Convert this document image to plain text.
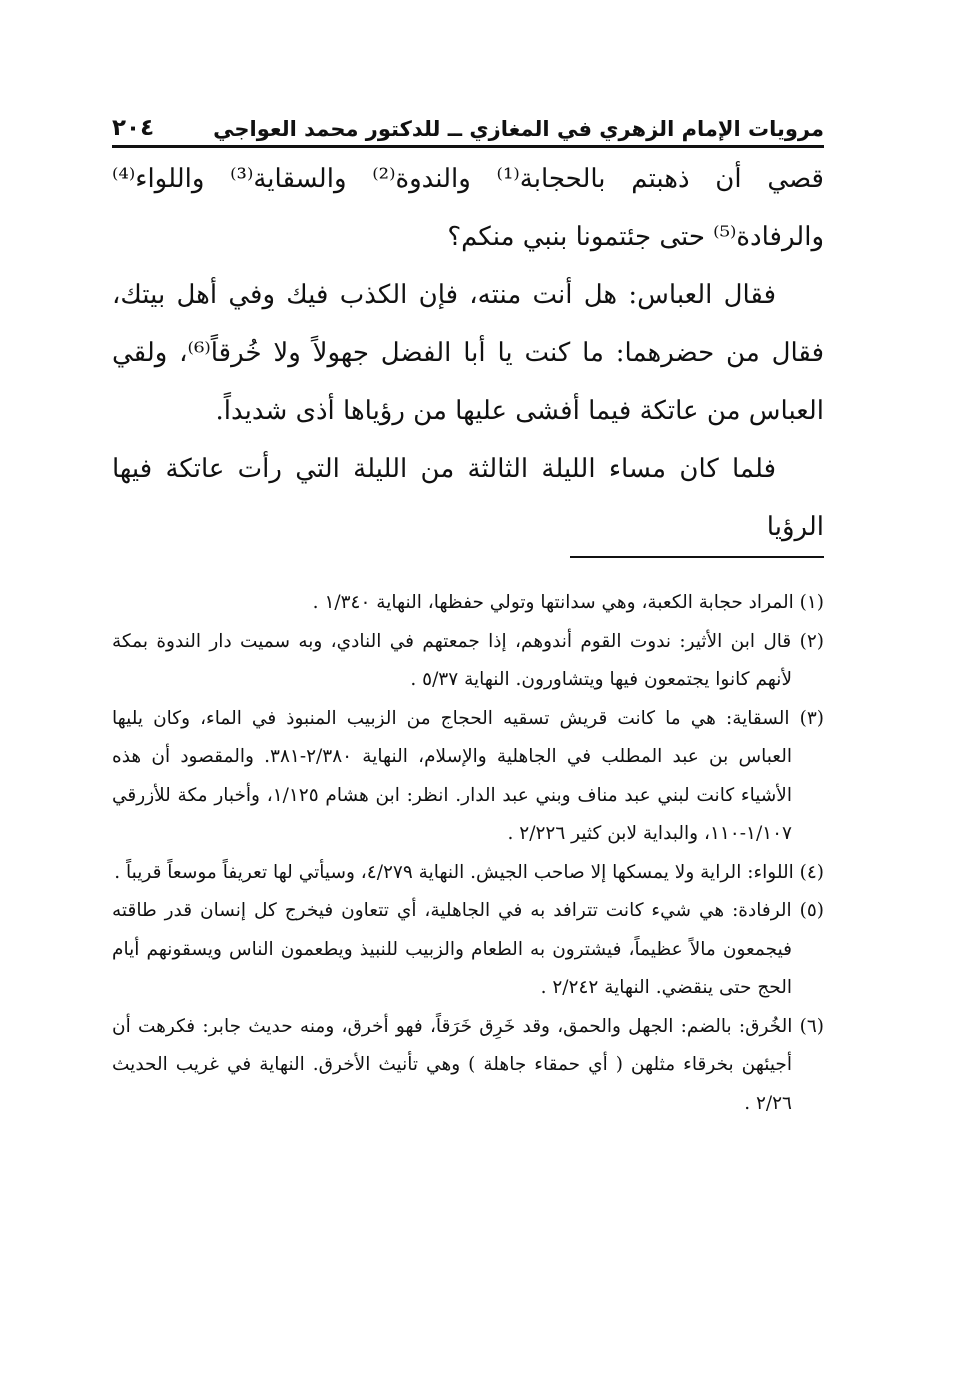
مرويات الإمام الزهري في المغازي ــ للدكتور محمد العواجي
٢٠٤

قصي أن ذهبتم بالحجابة⁽¹⁾ والندوة⁽²⁾ والسقاية⁽³⁾ واللواء⁽⁴⁾ والرفادة⁽⁵⁾ حتى جئتمونا بنبي منكم؟

فقال العباس: هل أنت منته، فإن الكذب فيك وفي أهل بيتك، فقال من حضرهما: ما كنت يا أبا الفضل جهولاً ولا خُرقاً⁽⁶⁾، ولقي العباس من عاتكة فيما أفشى عليها من رؤياها أذى شديداً.

فلما كان مساء الليلة الثالثة من الليلة التي رأت عاتكة فيها الرؤيا

(١) المراد حجابة الكعبة، وهي سدانتها وتولي حفظها، النهاية ١/٣٤٠ .

(٢) قال ابن الأثير: ندوت القوم أندوهم، إذا جمعتهم في النادي، وبه سميت دار الندوة بمكة لأنهم كانوا يجتمعون فيها ويتشاورون. النهاية ٥/٣٧ .

(٣) السقاية: هي ما كانت قريش تسقيه الحجاج من الزبيب المنبوذ في الماء، وكان يليها العباس بن عبد المطلب في الجاهلية والإسلام، النهاية ٢/٣٨٠-٣٨١. والمقصود أن هذه الأشياء كانت لبني عبد مناف وبني عبد الدار. انظر: ابن هشام ١/١٢٥، وأخبار مكة للأزرقي ١/١٠٧-١١٠، والبداية لابن كثير ٢/٢٢٦ .

(٤) اللواء: الراية ولا يمسكها إلا صاحب الجيش. النهاية ٤/٢٧٩، وسيأتي لها تعريفاً موسعاً قريباً .

(٥) الرفادة: هي شيء كانت تترافد به في الجاهلية، أي تتعاون فيخرج كل إنسان قدر طاقته فيجمعون مالاً عظيماً، فيشترون به الطعام والزبيب للنبيذ ويطعمون الناس ويسقونهم أيام الحج حتى ينقضي. النهاية ٢/٢٤٢ .

(٦) الخُرق: بالضم: الجهل والحمق، وقد خَرِق خَرَقاً، فهو أخرق، ومنه حديث جابر: فكرهت أن أجيئهن بخرقاء مثلهن ( أي حمقاء جاهلة ) وهي تأنيث الأخرق. النهاية في غريب الحديث ٢/٢٦ .
